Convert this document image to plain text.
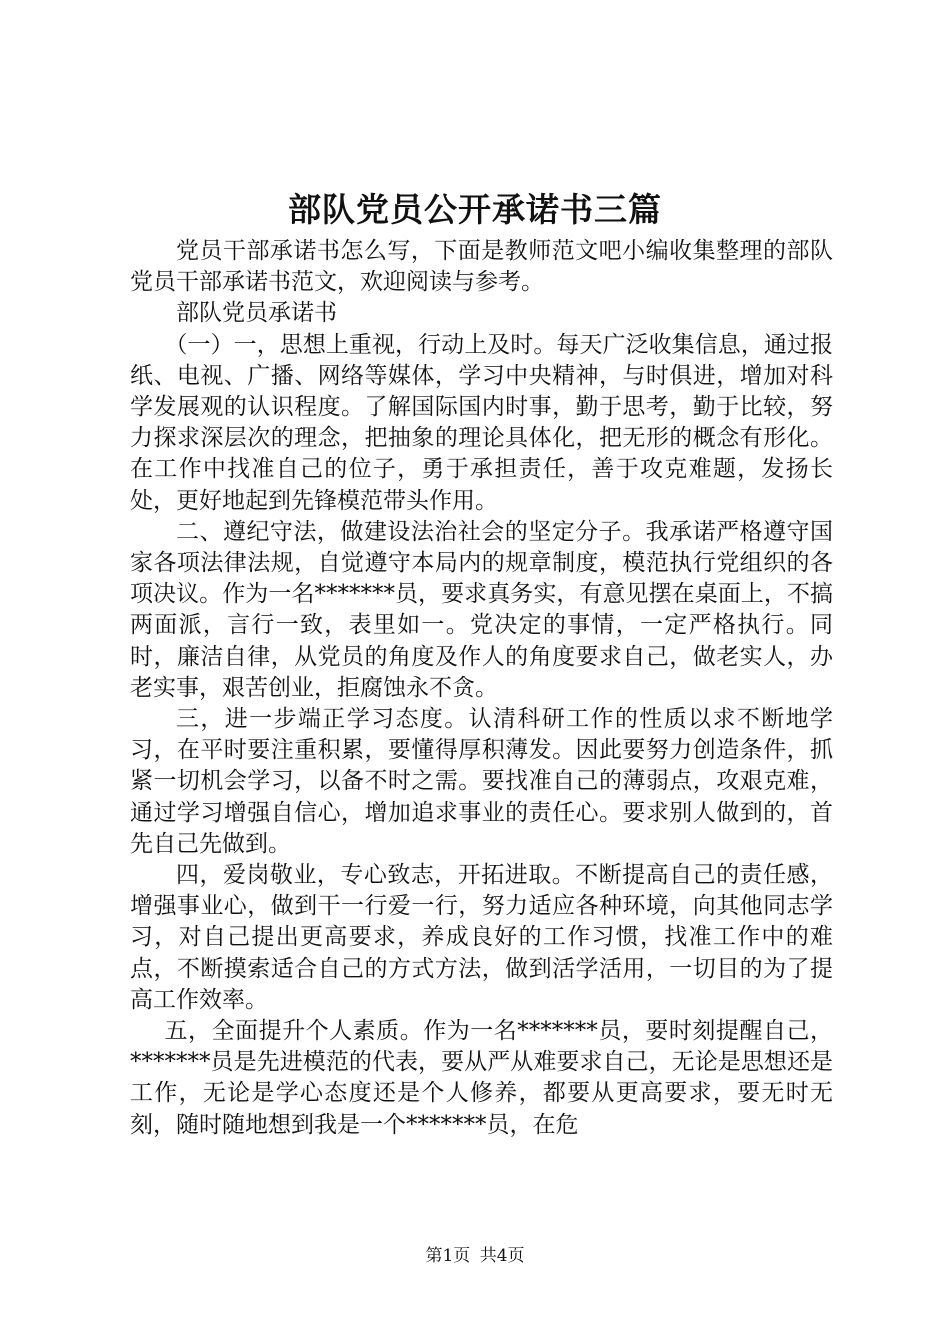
部队党员公开承诺书三篇

党员干部承诺书怎么写，下面是教师范文吧小编收集整理的部队党员干部承诺书范文，欢迎阅读与参考。

部队党员承诺书

（一）一，思想上重视，行动上及时。每天广泛收集信息，通过报纸、电视、广播、网络等媒体，学习中央精神，与时俱进，增加对科学发展观的认识程度。了解国际国内时事，勤于思考，勤于比较，努力探求深层次的理念，把抽象的理论具体化，把无形的概念有形化。在工作中找准自己的位子，勇于承担责任，善于攻克难题，发扬长处，更好地起到先锋模范带头作用。

二、遵纪守法，做建设法治社会的坚定分子。我承诺严格遵守国家各项法律法规，自觉遵守本局内的规章制度，模范执行党组织的各项决议。作为一名*******员，要求真务实，有意见摆在桌面上，不搞两面派，言行一致，表里如一。党决定的事情，一定严格执行。同时，廉洁自律，从党员的角度及作人的角度要求自己，做老实人，办老实事，艰苦创业，拒腐蚀永不贪。

三，进一步端正学习态度。认清科研工作的性质以求不断地学习，在平时要注重积累，要懂得厚积薄发。因此要努力创造条件，抓紧一切机会学习，以备不时之需。要找准自己的薄弱点，攻艰克难，通过学习增强自信心，增加追求事业的责任心。要求别人做到的，首先自己先做到。

四，爱岗敬业，专心致志，开拓进取。不断提高自己的责任感，增强事业心，做到干一行爱一行，努力适应各种环境，向其他同志学习，对自己提出更高要求，养成良好的工作习惯，找准工作中的难点，不断摸索适合自己的方式方法，做到活学活用，一切目的为了提高工作效率。

五，全面提升个人素质。作为一名*******员，要时刻提醒自己，*******员是先进模范的代表，要从严从难要求自己，无论是思想还是工作，无论是学心态度还是个人修养，都要从更高要求，要无时无刻，随时随地想到我是一个*******员，在危

第1页 共4页
